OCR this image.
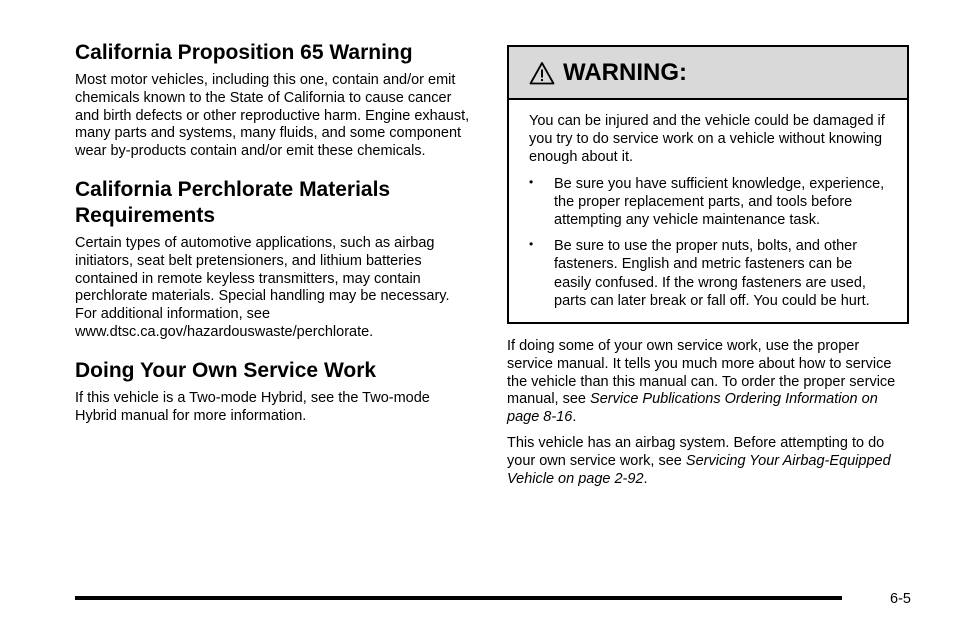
California Proposition 65 Warning

Most motor vehicles, including this one, contain and/or emit chemicals known to the State of California to cause cancer and birth defects or other reproductive harm. Engine exhaust, many parts and systems, many fluids, and some component wear by-products contain and/or emit these chemicals.

California Perchlorate Materials Requirements

Certain types of automotive applications, such as airbag initiators, seat belt pretensioners, and lithium batteries contained in remote keyless transmitters, may contain perchlorate materials. Special handling may be necessary. For additional information, see www.dtsc.ca.gov/hazardouswaste/perchlorate.

Doing Your Own Service Work

If this vehicle is a Two-mode Hybrid, see the Two-mode Hybrid manual for more information.

WARNING:

You can be injured and the vehicle could be damaged if you try to do service work on a vehicle without knowing enough about it.

• Be sure you have sufficient knowledge, experience, the proper replacement parts, and tools before attempting any vehicle maintenance task.
• Be sure to use the proper nuts, bolts, and other fasteners. English and metric fasteners can be easily confused. If the wrong fasteners are used, parts can later break or fall off. You could be hurt.

If doing some of your own service work, use the proper service manual. It tells you much more about how to service the vehicle than this manual can. To order the proper service manual, see Service Publications Ordering Information on page 8-16.

This vehicle has an airbag system. Before attempting to do your own service work, see Servicing Your Airbag-Equipped Vehicle on page 2-92.

6-5
